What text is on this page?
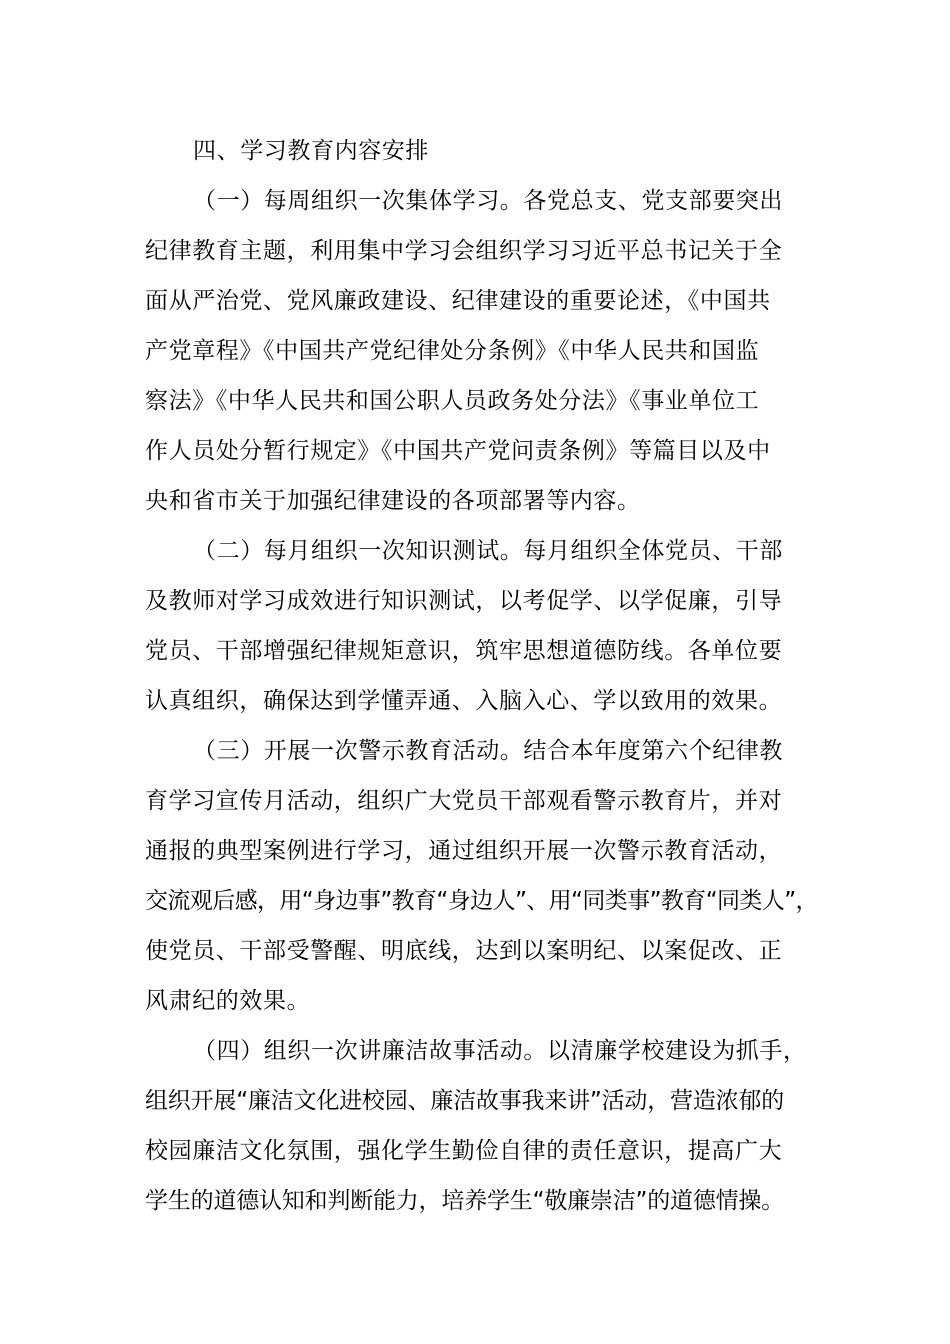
四、学习教育内容安排
（一）每周组织一次集体学习。各党总支、党支部要突出
纪律教育主题，利用集中学习会组织学习习近平总书记关于全
面从严治党、党风廉政建设、纪律建设的重要论述，《中国共
产党章程》《中国共产党纪律处分条例》《中华人民共和国监
察法》《中华人民共和国公职人员政务处分法》《事业单位工
作人员处分暂行规定》《中国共产党问责条例》等篇目以及中
央和省市关于加强纪律建设的各项部署等内容。
（二）每月组织一次知识测试。每月组织全体党员、干部
及教师对学习成效进行知识测试，以考促学、以学促廉，引导
党员、干部增强纪律规矩意识，筑牢思想道德防线。各单位要
认真组织，确保达到学懂弄通、入脑入心、学以致用的效果。
（三）开展一次警示教育活动。结合本年度第六个纪律教
育学习宣传月活动，组织广大党员干部观看警示教育片，并对
通报的典型案例进行学习，通过组织开展一次警示教育活动，
交流观后感，用“身边事”教育“身边人”、用“同类事”教育“同类人”，
使党员、干部受警醒、明底线，达到以案明纪、以案促改、正
风肃纪的效果。
（四）组织一次讲廉洁故事活动。以清廉学校建设为抓手，
组织开展“廉洁文化进校园、廉洁故事我来讲”活动，营造浓郁的
校园廉洁文化氛围，强化学生勤俭自律的责任意识，提高广大
学生的道德认知和判断能力，培养学生“敬廉崇洁”的道德情操。
